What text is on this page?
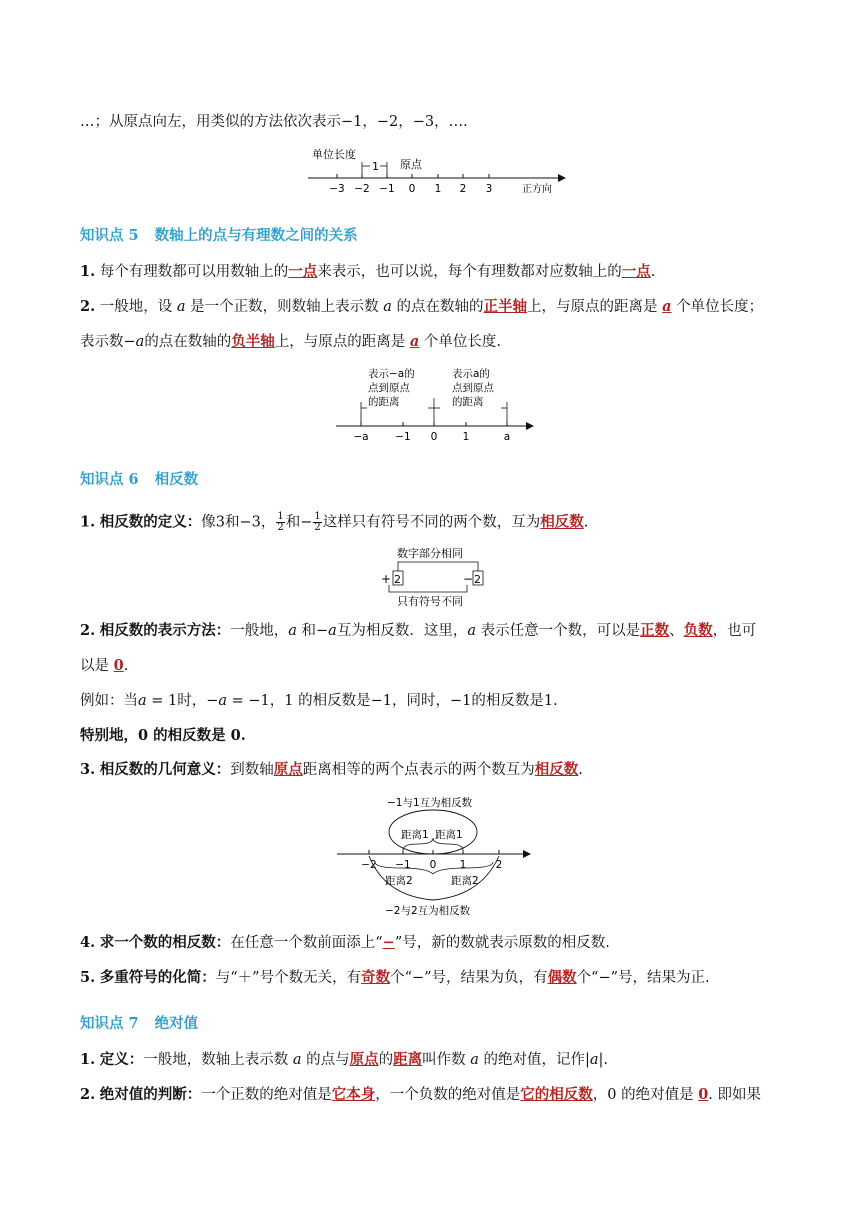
…；从原点向左，用类似的方法依次表示−1，−2，−3，….
−3 −2 −1 0 1 2 3
单位长度
1 原点
正方向
知识点 5 数轴上的点与有理数之间的关系
1. 每个有理数都可以用数轴上的一点来表示，也可以说，每个有理数都对应数轴上的一点.
2. 一般地，设 a 是一个正数，则数轴上表示数 a 的点在数轴的正半轴上，与原点的距离是 a 个单位长度；
表示数−a的点在数轴的负半轴上，与原点的距离是 a 个单位长度.
−a	−1 0 1	a
表示−a的
点到原点
的距离
表示a的
点到原点
的距离
知识点 6 相反数
1. 相反数的定义：像3和−3， $\frac{1}{2}$ 和− $\frac{1}{2}$ 这样只有符号不同的两个数，互为相反数.
数字部分相同
只有符号不同
+ 2	− 2
2. 相反数的表示方法：一般地，a 和−a互为相反数．这里，a 表示任意一个数，可以是正数、负数，也可
以是 0.
例如：当𝑎 = 1时，−𝑎 = −1，1 的相反数是−1，同时，−1的相反数是1.
特别地，0 的相反数是 0.
3. 相反数的几何意义：到数轴原点距离相等的两个点表示的两个数互为相反数.
−1与1互为相反数
距离1 距离1
−2 −1 0 1	2
距离2	距离2
−2与2互为相反数
4. 求一个数的相反数：在任意一个数前面添上“−”号，新的数就表示原数的相反数.
5. 多重符号的化简：与“＋”号个数无关，有奇数个“−”号，结果为负，有偶数个“−”号，结果为正.
知识点 7 绝对值
1. 定义：一般地，数轴上表示数 a 的点与原点的距离叫作数 a 的绝对值，记作|a|.
2. 绝对值的判断：一个正数的绝对值是它本身，一个负数的绝对值是它的相反数，0 的绝对值是 0. 即如果
